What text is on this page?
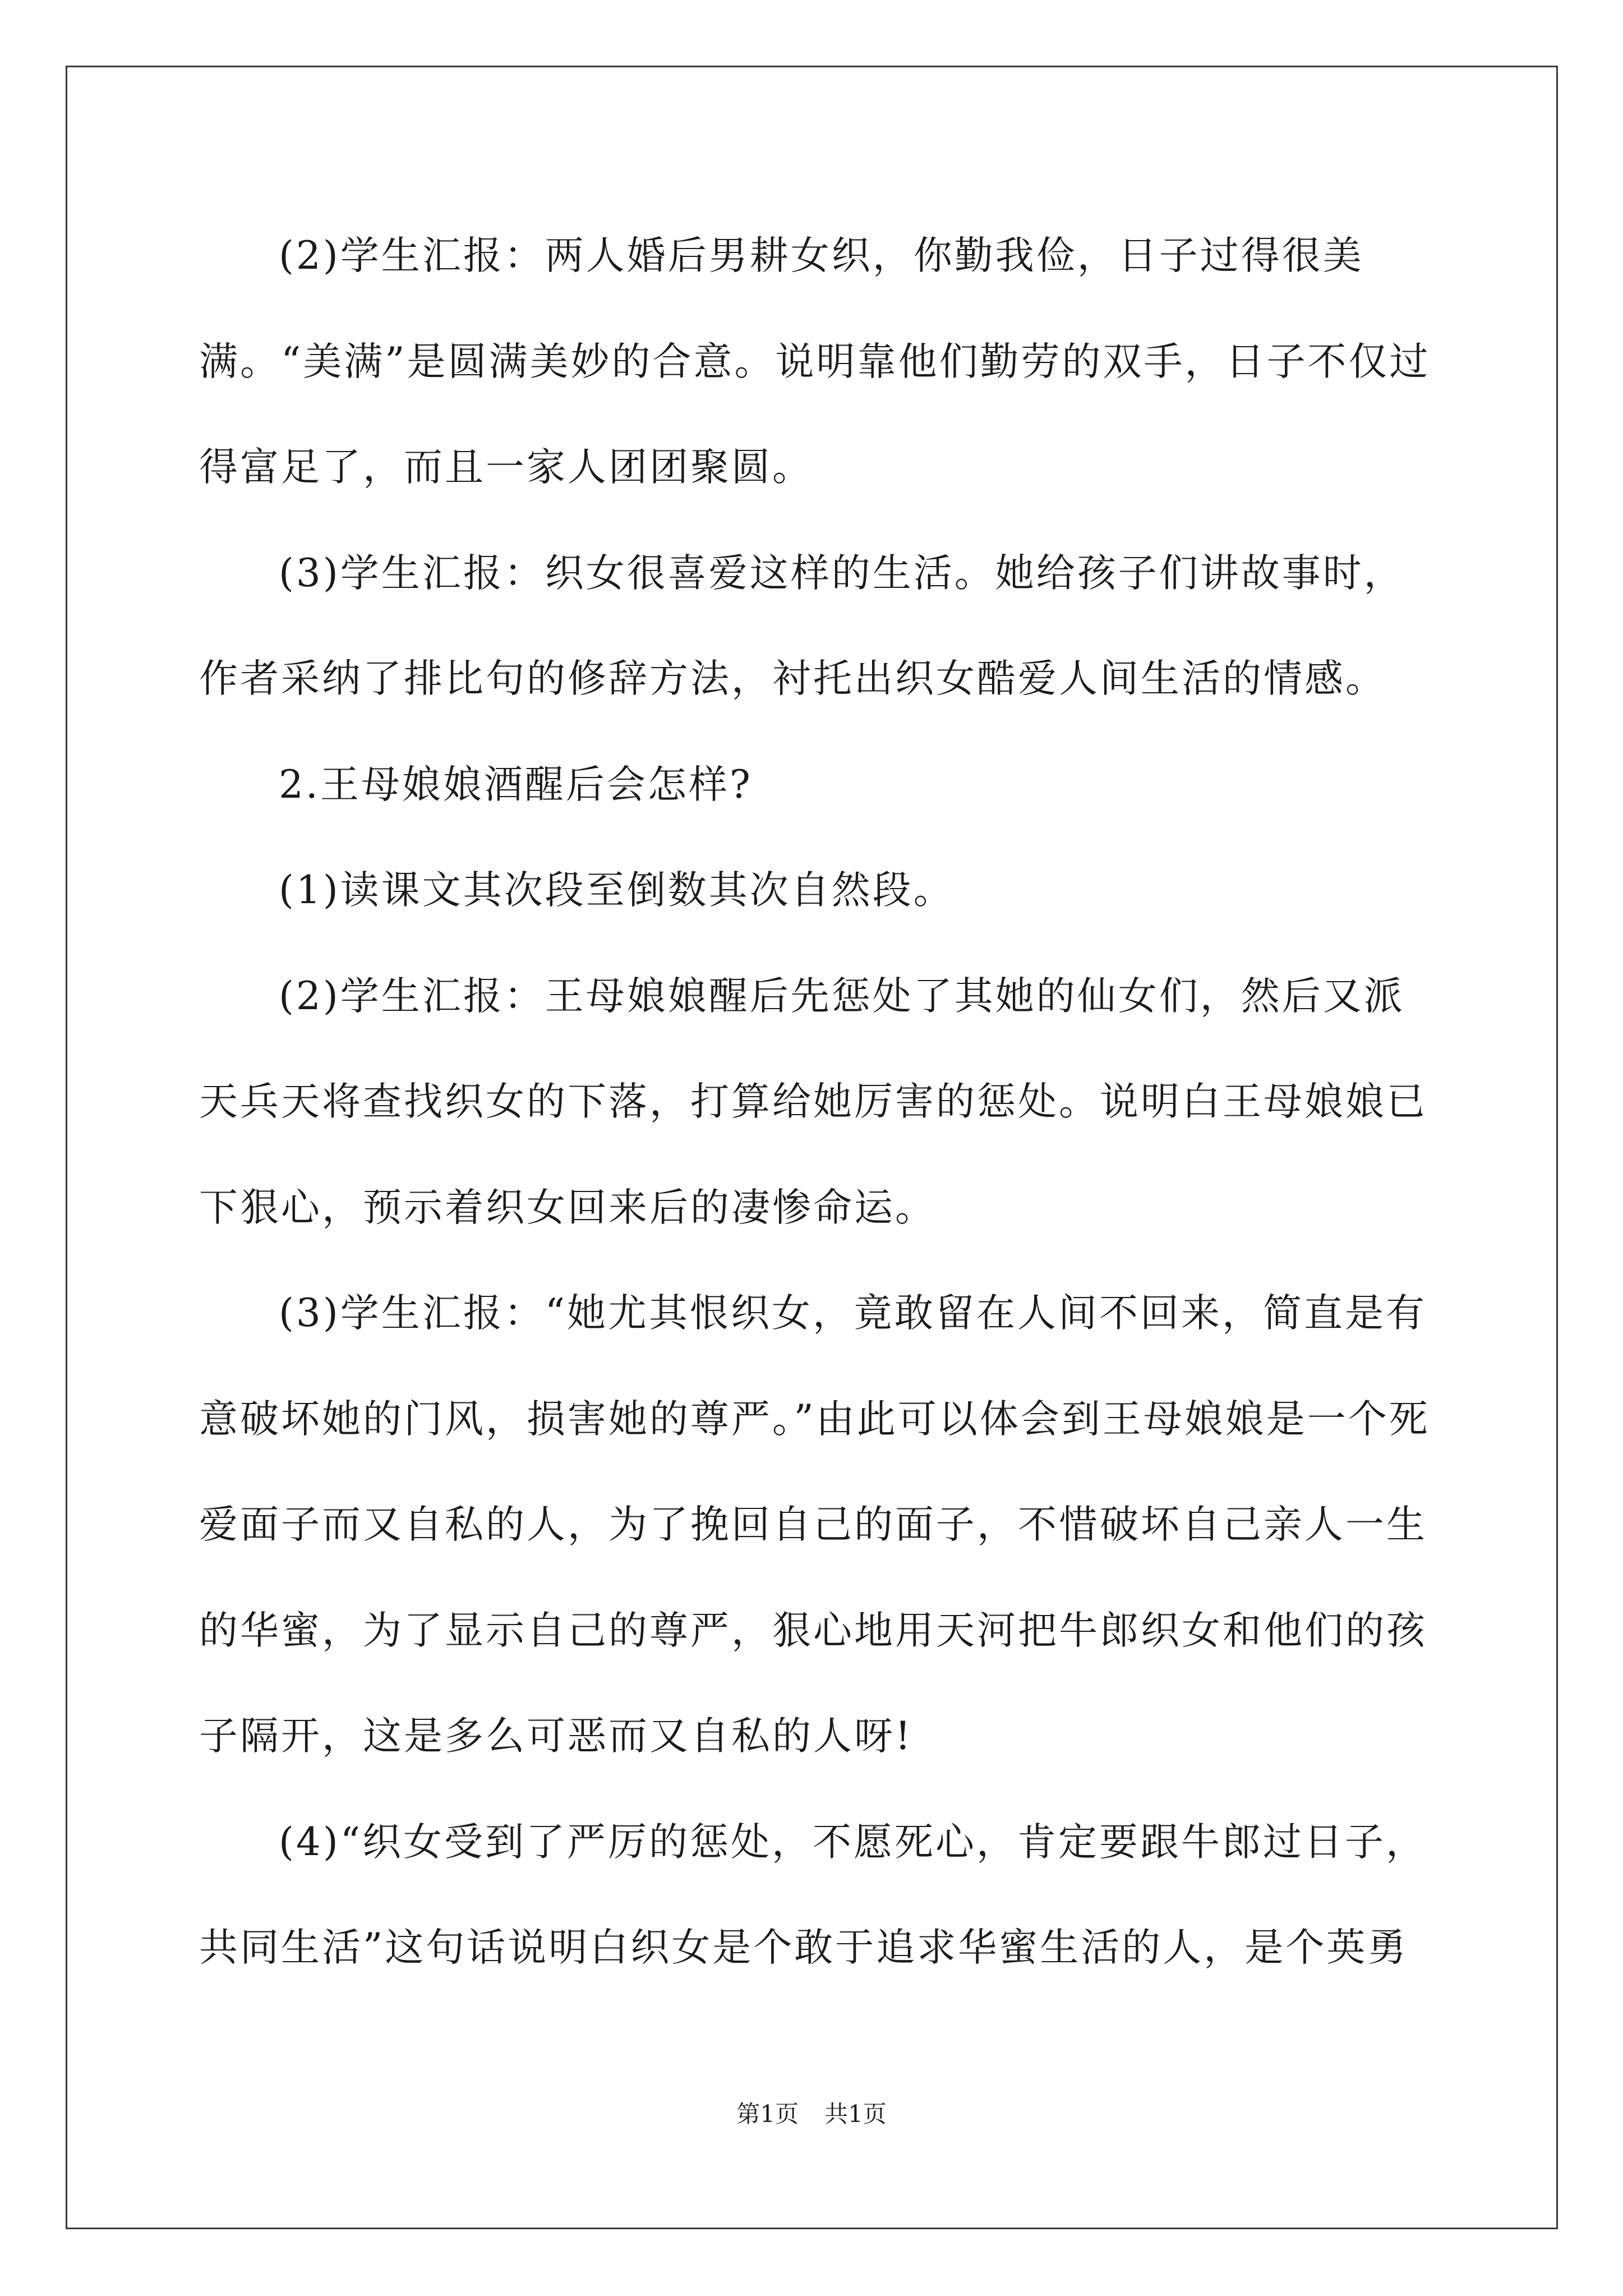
(2)学生汇报：两人婚后男耕女织，你勤我俭，日子过得很美满。“美满”是圆满美妙的合意。说明靠他们勤劳的双手，日子不仅过得富足了，而且一家人团团聚圆。

(3)学生汇报：织女很喜爱这样的生活。她给孩子们讲故事时，作者采纳了排比句的修辞方法，衬托出织女酷爱人间生活的情感。

2.王母娘娘酒醒后会怎样?

(1)读课文其次段至倒数其次自然段。

(2)学生汇报：王母娘娘醒后先惩处了其她的仙女们，然后又派天兵天将查找织女的下落，打算给她厉害的惩处。说明白王母娘娘已下狠心，预示着织女回来后的凄惨命运。

(3)学生汇报：“她尤其恨织女，竟敢留在人间不回来，简直是有意破坏她的门风，损害她的尊严。”由此可以体会到王母娘娘是一个死爱面子而又自私的人，为了挽回自己的面子，不惜破坏自己亲人一生的华蜜，为了显示自己的尊严，狠心地用天河把牛郎织女和他们的孩子隔开，这是多么可恶而又自私的人呀!

(4)“织女受到了严厉的惩处，不愿死心，肯定要跟牛郎过日子，共同生活”这句话说明白织女是个敢于追求华蜜生活的人，是个英勇

第1页 共1页
